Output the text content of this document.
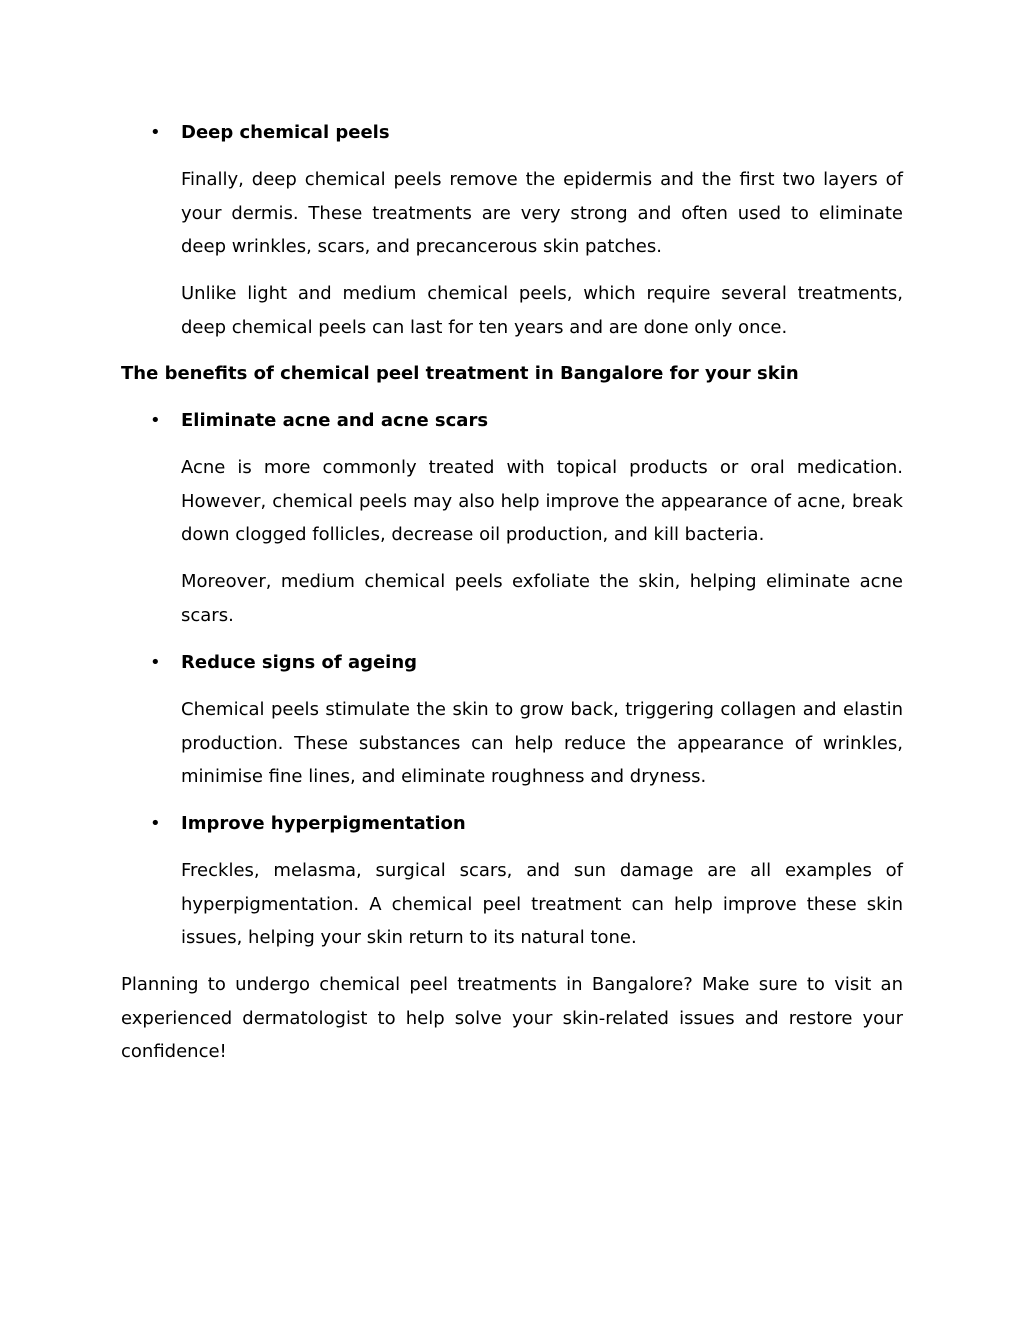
• Deep chemical peels
Finally, deep chemical peels remove the epidermis and the first two layers of your dermis. These treatments are very strong and often used to eliminate deep wrinkles, scars, and precancerous skin patches.
Unlike light and medium chemical peels, which require several treatments, deep chemical peels can last for ten years and are done only once.
The benefits of chemical peel treatment in Bangalore for your skin
• Eliminate acne and acne scars
Acne is more commonly treated with topical products or oral medication. However, chemical peels may also help improve the appearance of acne, break down clogged follicles, decrease oil production, and kill bacteria.
Moreover, medium chemical peels exfoliate the skin, helping eliminate acne scars.
• Reduce signs of ageing
Chemical peels stimulate the skin to grow back, triggering collagen and elastin production. These substances can help reduce the appearance of wrinkles, minimise fine lines, and eliminate roughness and dryness.
• Improve hyperpigmentation
Freckles, melasma, surgical scars, and sun damage are all examples of hyperpigmentation. A chemical peel treatment can help improve these skin issues, helping your skin return to its natural tone.
Planning to undergo chemical peel treatments in Bangalore? Make sure to visit an experienced dermatologist to help solve your skin-related issues and restore your confidence!
